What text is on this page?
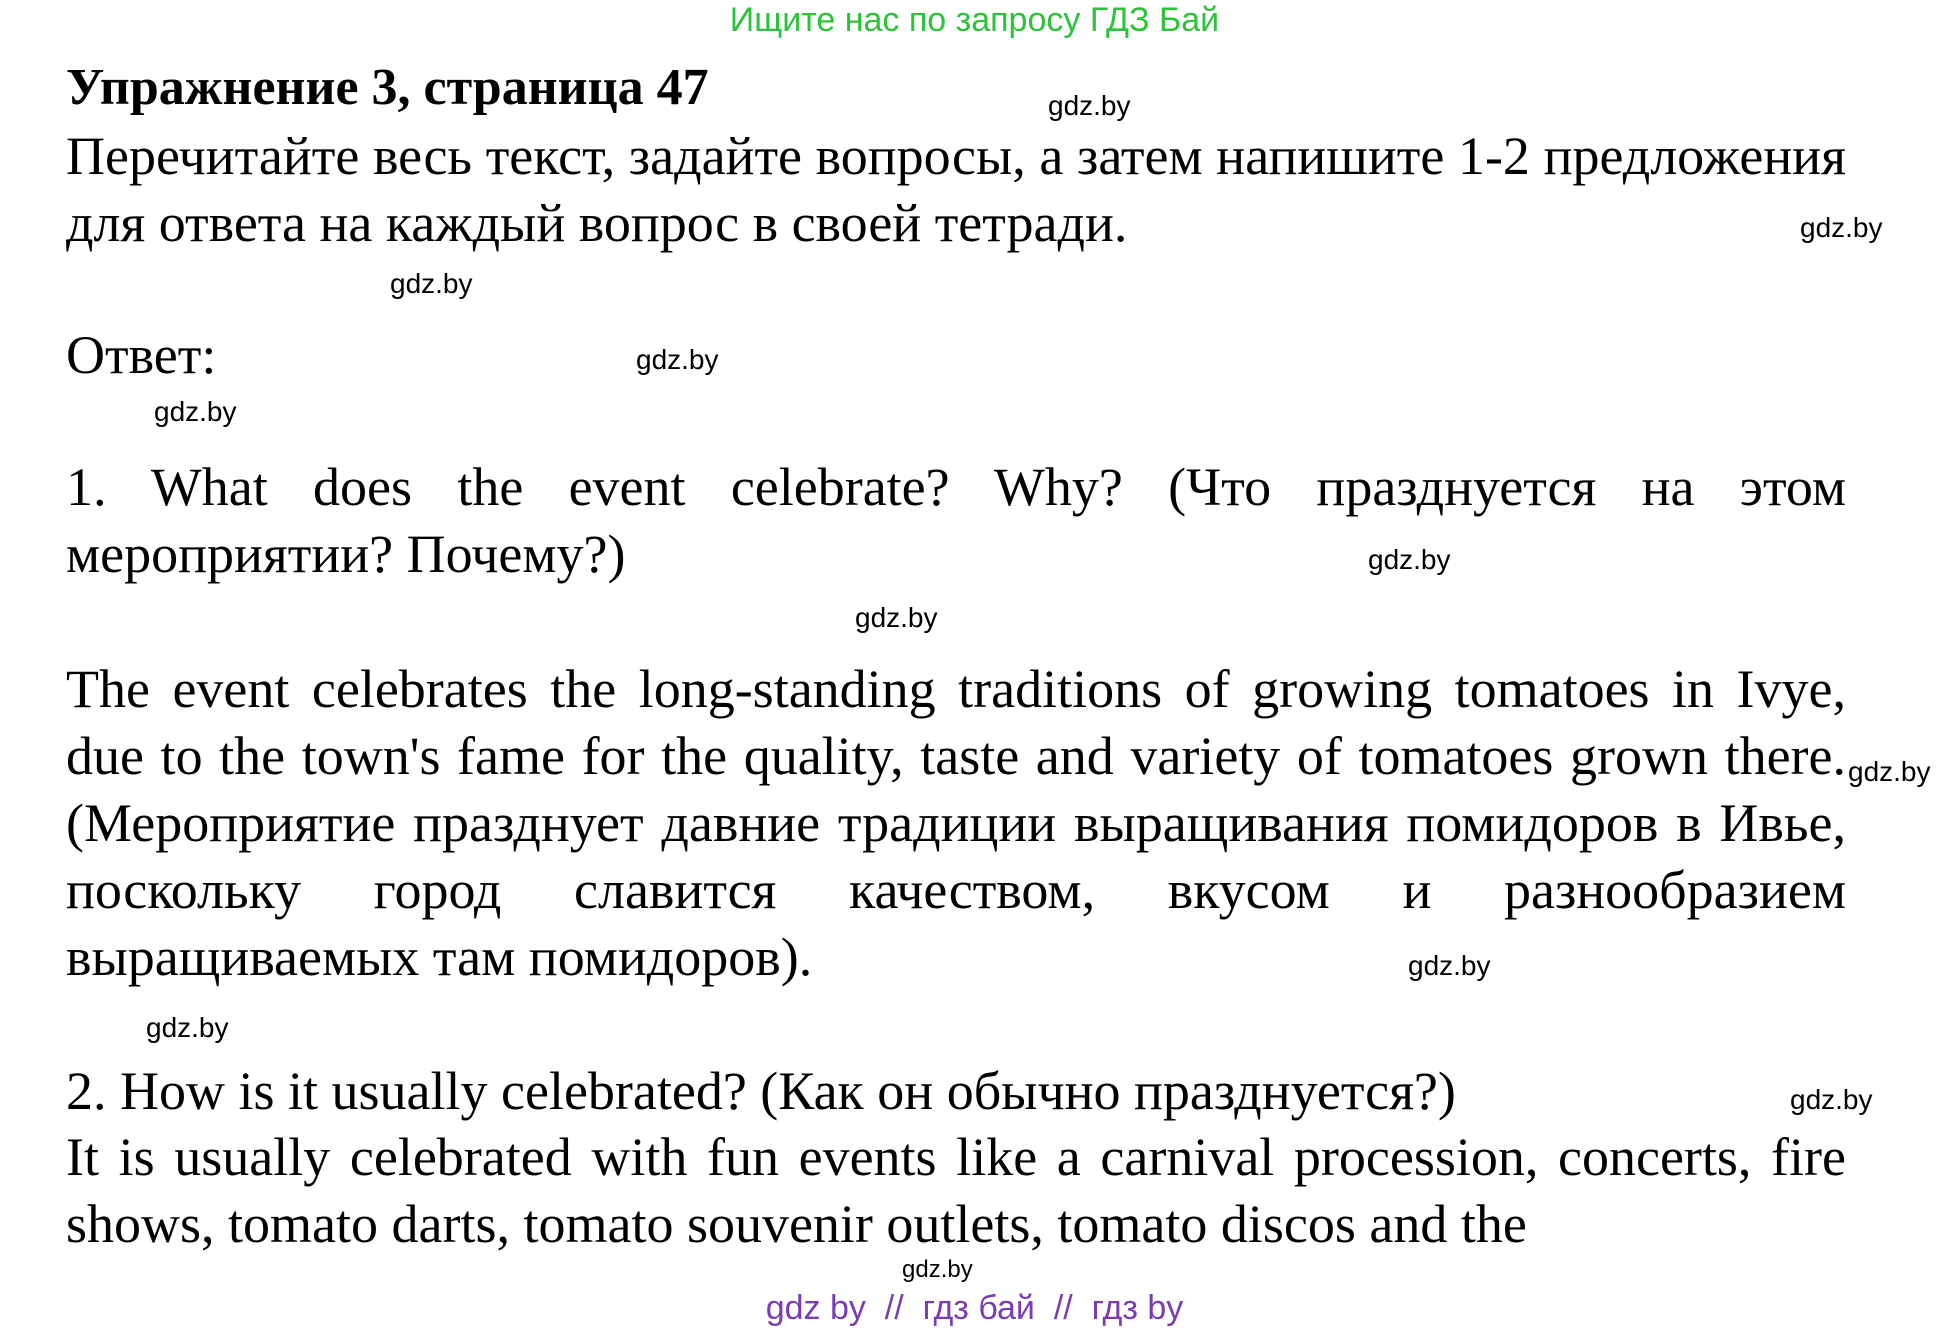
Ищите нас по запросу ГДЗ Бай
Упражнение 3, страница 47

Перечитайте весь текст, задайте вопросы, а затем напишите 1-2 предложения для ответа на каждый вопрос в своей тетради.

Ответ:

1. What does the event celebrate? Why? (Что празднуется на этом мероприятии? Почему?)

The event celebrates the long-standing traditions of growing tomatoes in Ivye, due to the town's fame for the quality, taste and variety of tomatoes grown there. (Мероприятие празднует давние традиции выращивания помидоров в Ивье, поскольку город славится качеством, вкусом и разнообразием выращиваемых там помидоров).

2. How is it usually celebrated? (Как он обычно празднуется?)

It is usually celebrated with fun events like a carnival procession, concerts, fire shows, tomato darts, tomato souvenir outlets, tomato discos and the

gdz.by
gdz.by
gdz.by
gdz.by
gdz.by
gdz.by
gdz.by
gdz.by
gdz.by
gdz.by
gdz.by
gdz.by
gdz by  //  гдз бай  //  гдз by
